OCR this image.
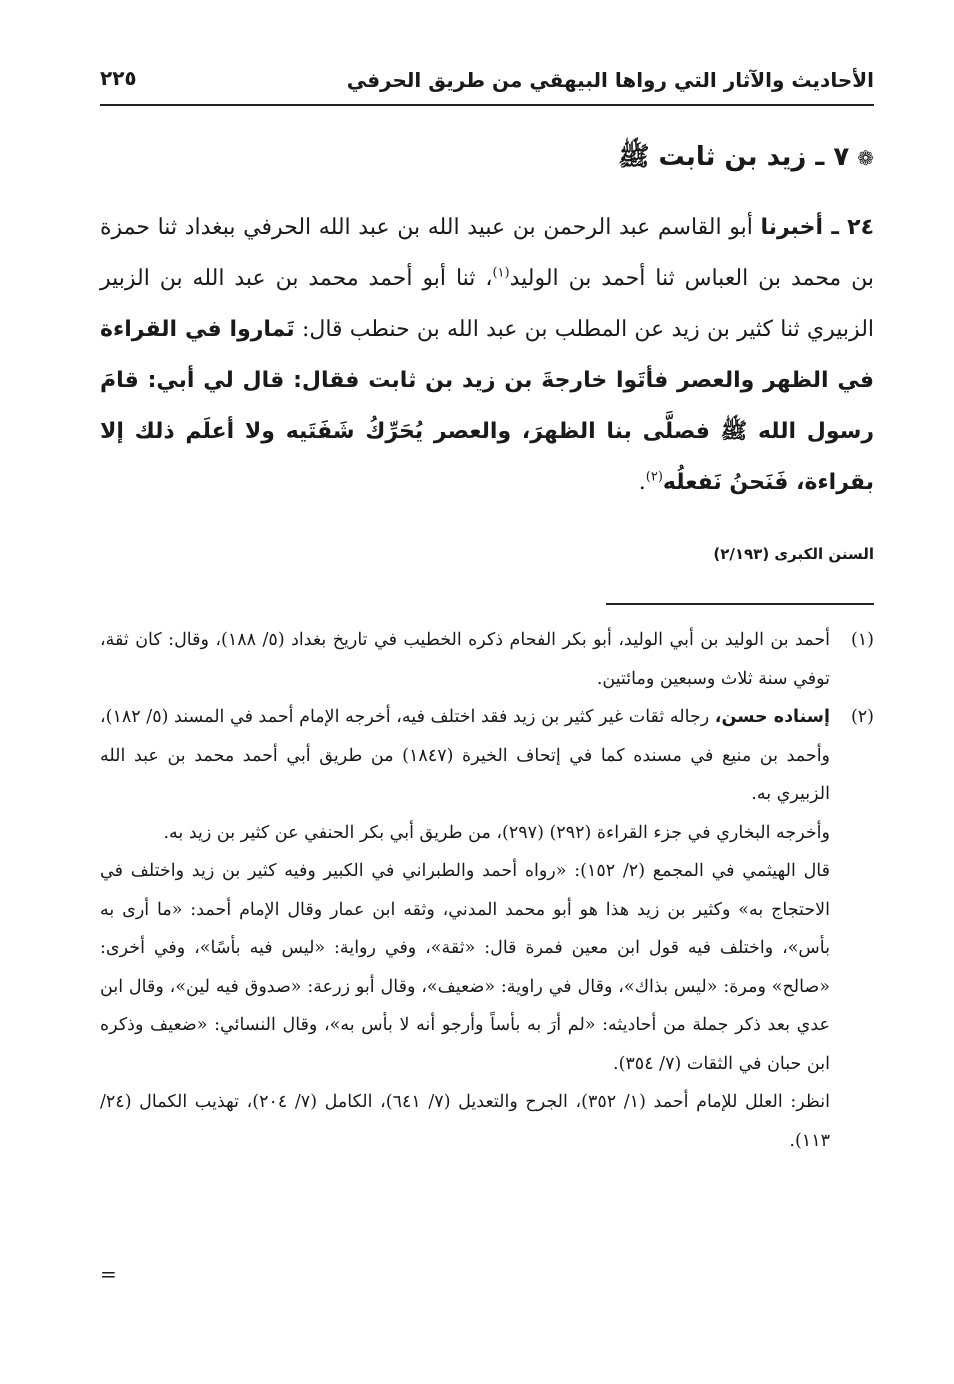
الأحاديث والآثار التي رواها البيهقي من طريق الحرفي
٢٢٥
❁٧ ـ زيد بن ثابت ﷺ
٢٤ ـ أخبرنا أبو القاسم عبد الرحمن بن عبيد الله بن عبد الله الحرفي ببغداد ثنا حمزة بن محمد بن العباس ثنا أحمد بن الوليد$^{(١)}$، ثنا أبو أحمد محمد بن عبد الله بن الزبير الزبيري ثنا كثير بن زيد عن المطلب بن عبد الله بن حنطب قال: تَماروا في القراءة في الظهر والعصر فأتَوا خارجةَ بن زيد بن ثابت فقال: قال لي أبي: قامَ رسول الله ﷺ فصلَّى بنا الظهرَ، والعصر يُحَرِّكُ شَفَتَيه ولا أعلَم ذلك إلا بقراءة، فَنَحنُ نَفعلُه$^{(٢)}$.
السنن الكبرى (٢/١٩٣)
(١)

أحمد بن الوليد بن أبي الوليد، أبو بكر الفحام ذكره الخطيب في تاريخ بغداد (٥/ ١٨٨)، وقال: كان ثقة، توفي سنة ثلاث وسبعين ومائتين.

(٢)

إسناده حسن، رجاله ثقات غير كثير بن زيد فقد اختلف فيه، أخرجه الإمام أحمد في المسند (٥/ ١٨٢)، وأحمد بن منيع في مسنده كما في إتحاف الخيرة (١٨٤٧) من طريق أبي أحمد محمد بن عبد الله الزبيري به.

وأخرجه البخاري في جزء القراءة (٢٩٢) (٢٩٧)، من طريق أبي بكر الحنفي عن كثير بن زيد به.

قال الهيثمي في المجمع (٢/ ١٥٢): «رواه أحمد والطبراني في الكبير وفيه كثير بن زيد واختلف في الاحتجاج به» وكثير بن زيد هذا هو أبو محمد المدني، وثقه ابن عمار وقال الإمام أحمد: «ما أرى به بأس»، واختلف فيه قول ابن معين فمرة قال: «ثقة»، وفي رواية: «ليس فيه بأسًا»، وفي أخرى: «صالح» ومرة: «ليس بذاك»، وقال في راوية: «ضعيف»، وقال أبو زرعة: «صدوق فيه لين»، وقال ابن عدي بعد ذكر جملة من أحاديثه: «لم أرَ به بأساً وأرجو أنه لا بأس به»، وقال النسائي: «ضعيف وذكره ابن حبان في الثقات (٧/ ٣٥٤).

انظر: العلل للإمام أحمد (١/ ٣٥٢)، الجرح والتعديل (٧/ ٦٤١)، الكامل (٧/ ٢٠٤)، تهذيب الكمال (٢٤/ ١١٣).

=
